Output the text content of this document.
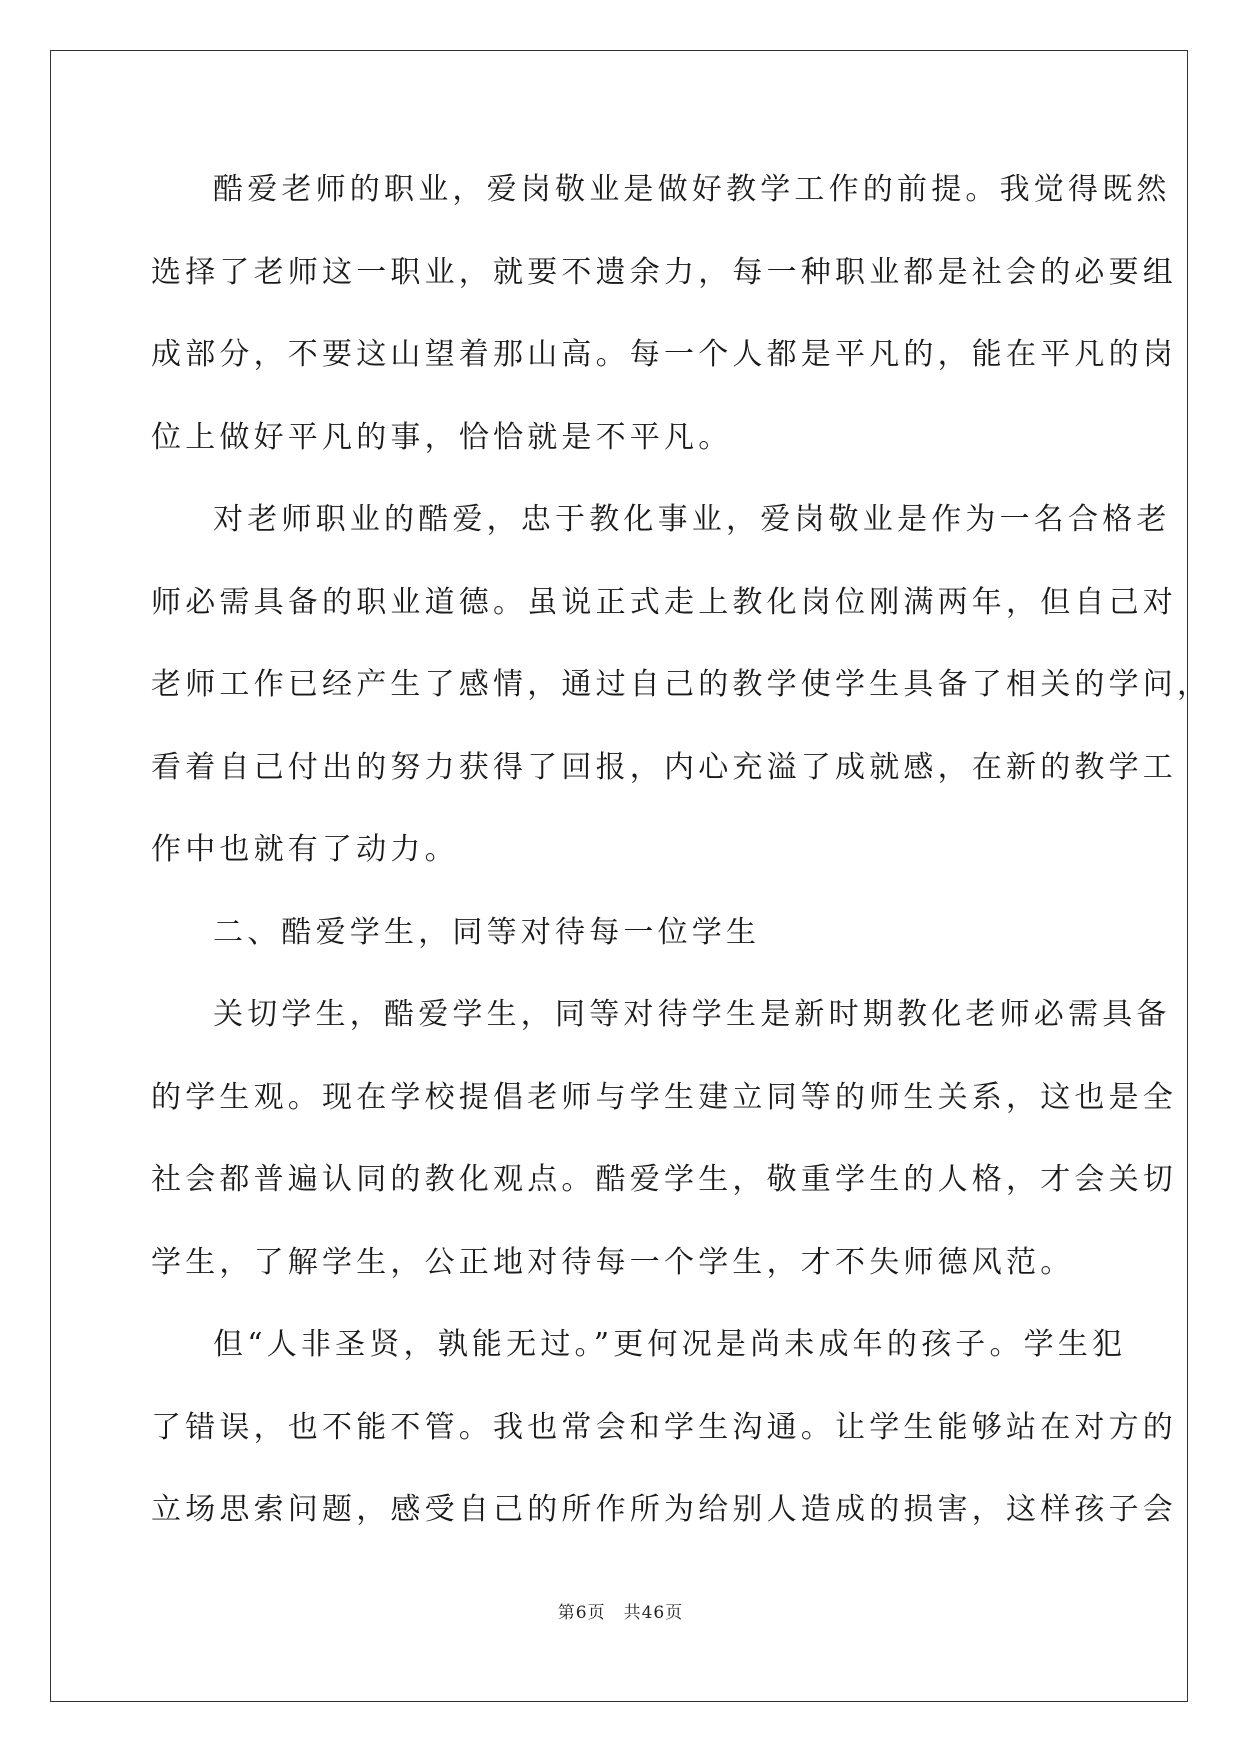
酷爱老师的职业，爱岗敬业是做好教学工作的前提。我觉得既然
选择了老师这一职业，就要不遗余力，每一种职业都是社会的必要组
成部分，不要这山望着那山高。每一个人都是平凡的，能在平凡的岗
位上做好平凡的事，恰恰就是不平凡。
对老师职业的酷爱，忠于教化事业，爱岗敬业是作为一名合格老
师必需具备的职业道德。虽说正式走上教化岗位刚满两年，但自己对
老师工作已经产生了感情，通过自己的教学使学生具备了相关的学问，
看着自己付出的努力获得了回报，内心充溢了成就感，在新的教学工
作中也就有了动力。
二、酷爱学生，同等对待每一位学生
关切学生，酷爱学生，同等对待学生是新时期教化老师必需具备
的学生观。现在学校提倡老师与学生建立同等的师生关系，这也是全
社会都普遍认同的教化观点。酷爱学生，敬重学生的人格，才会关切
学生，了解学生，公正地对待每一个学生，才不失师德风范。
但“人非圣贤，孰能无过。”更何况是尚未成年的孩子。学生犯
了错误，也不能不管。我也常会和学生沟通。让学生能够站在对方的
立场思索问题，感受自己的所作所为给别人造成的损害，这样孩子会
第6页　共46页
